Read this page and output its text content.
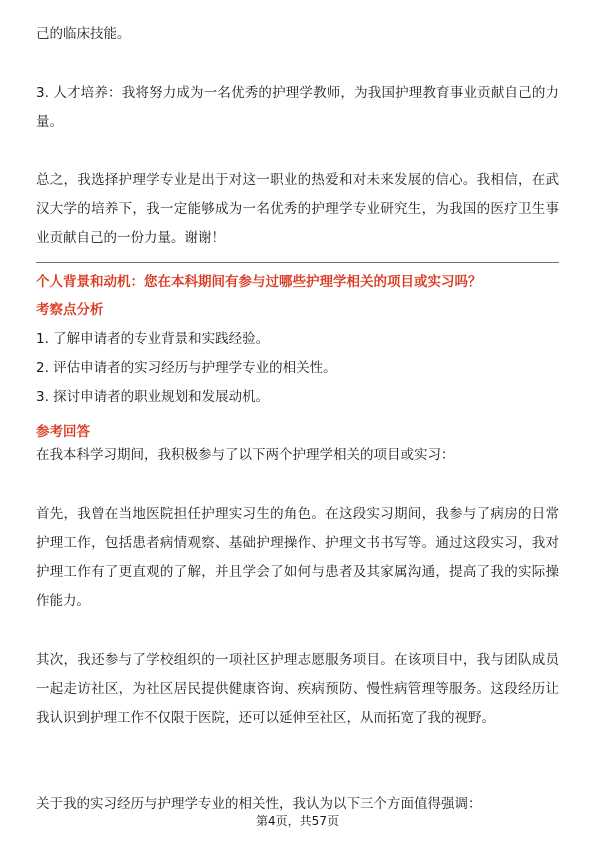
己的临床技能。

3. 人才培养：我将努力成为一名优秀的护理学教师，为我国护理教育事业贡献自己的力量。

总之，我选择护理学专业是出于对这一职业的热爱和对未来发展的信心。我相信，在武汉大学的培养下，我一定能够成为一名优秀的护理学专业研究生，为我国的医疗卫生事业贡献自己的一份力量。谢谢！

个人背景和动机：您在本科期间有参与过哪些护理学相关的项目或实习吗？

考察点分析

1. 了解申请者的专业背景和实践经验。

2. 评估申请者的实习经历与护理学专业的相关性。

3. 探讨申请者的职业规划和发展动机。

参考回答

在我本科学习期间，我积极参与了以下两个护理学相关的项目或实习：

首先，我曾在当地医院担任护理实习生的角色。在这段实习期间，我参与了病房的日常护理工作，包括患者病情观察、基础护理操作、护理文书书写等。通过这段实习，我对护理工作有了更直观的了解，并且学会了如何与患者及其家属沟通，提高了我的实际操作能力。

其次，我还参与了学校组织的一项社区护理志愿服务项目。在该项目中，我与团队成员一起走访社区，为社区居民提供健康咨询、疾病预防、慢性病管理等服务。这段经历让我认识到护理工作不仅限于医院，还可以延伸至社区，从而拓宽了我的视野。

关于我的实习经历与护理学专业的相关性，我认为以下三个方面值得强调：

第4页，共57页
